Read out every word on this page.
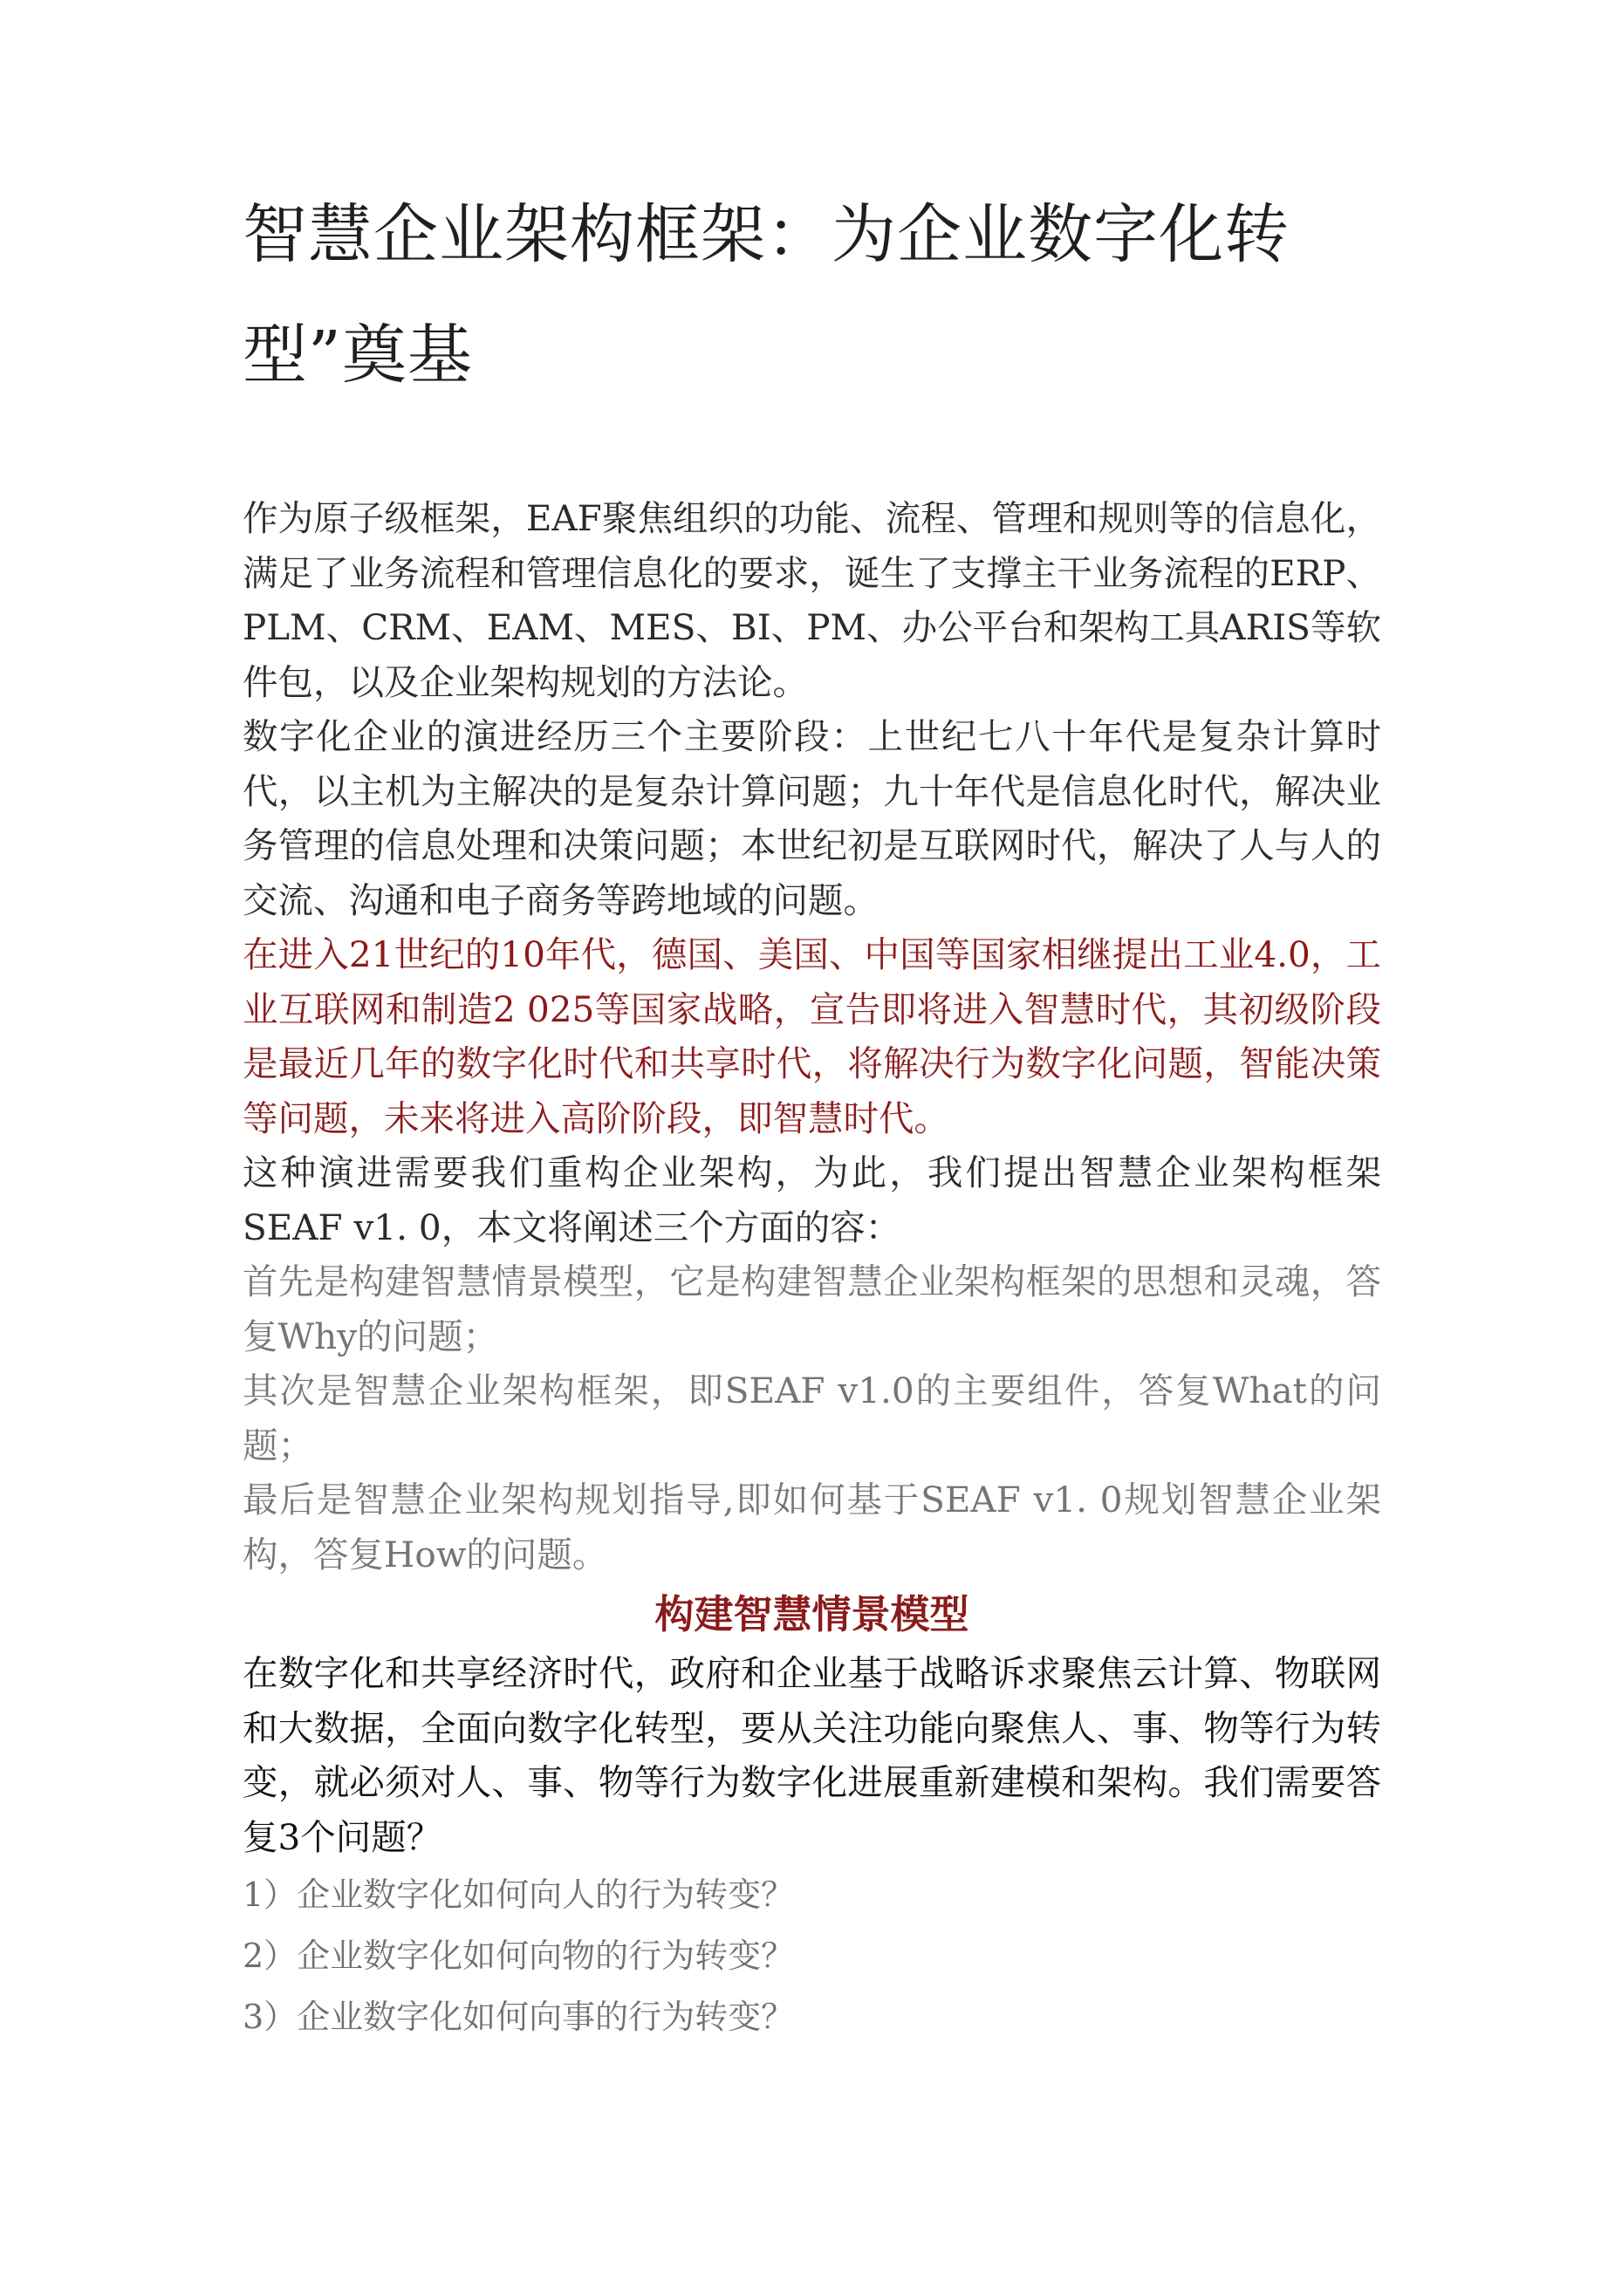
智慧企业架构框架：为企业数字化转型”奠基

作为原子级框架，EAF聚焦组织的功能、流程、管理和规则等的信息化，满足了业务流程和管理信息化的要求，诞生了支撑主干业务流程的ERP、PLM、CRM、EAM、MES、BI、PM、办公平台和架构工具ARIS等软件包，以及企业架构规划的方法论。

数字化企业的演进经历三个主要阶段：上世纪七八十年代是复杂计算时代，以主机为主解决的是复杂计算问题；九十年代是信息化时代，解决业务管理的信息处理和决策问题；本世纪初是互联网时代，解决了人与人的交流、沟通和电子商务等跨地域的问题。

在进入21世纪的10年代，德国、美国、中国等国家相继提出工业4.0，工业互联网和制造2 025等国家战略，宣告即将进入智慧时代，其初级阶段是最近几年的数字化时代和共享时代，将解决行为数字化问题，智能决策等问题，未来将进入高阶阶段，即智慧时代。

这种演进需要我们重构企业架构，为此，我们提出智慧企业架构框架SEAF v1. 0，本文将阐述三个方面的容：

首先是构建智慧情景模型，它是构建智慧企业架构框架的思想和灵魂，答复Why的问题；

其次是智慧企业架构框架，即SEAF v1.0的主要组件，答复What的问题；

最后是智慧企业架构规划指导,即如何基于SEAF v1. 0规划智慧企业架构，答复How的问题。

构建智慧情景模型

在数字化和共享经济时代，政府和企业基于战略诉求聚焦云计算、物联网和大数据，全面向数字化转型，要从关注功能向聚焦人、事、物等行为转变，就必须对人、事、物等行为数字化进展重新建模和架构。我们需要答复3个问题？

1）企业数字化如何向人的行为转变？
2）企业数字化如何向物的行为转变？
3）企业数字化如何向事的行为转变？
